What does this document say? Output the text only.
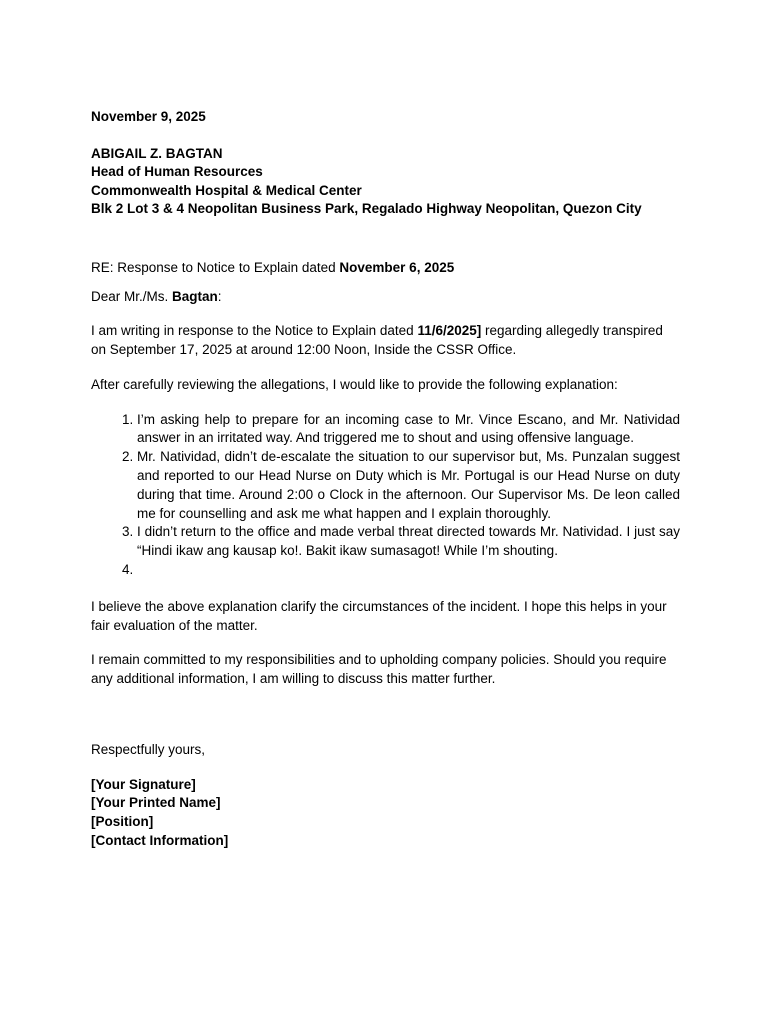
November 9, 2025
ABIGAIL Z. BAGTAN
Head of Human Resources
Commonwealth Hospital & Medical Center
Blk 2 Lot 3 & 4 Neopolitan Business Park, Regalado Highway Neopolitan, Quezon City
RE: Response to Notice to Explain dated November 6, 2025
Dear Mr./Ms. Bagtan:

I am writing in response to the Notice to Explain dated 11/6/2025] regarding allegedly transpired on September 17, 2025 at around 12:00 Noon, Inside the CSSR Office.

After carefully reviewing the allegations, I would like to provide the following explanation:

1. I’m asking help to prepare for an incoming case to Mr. Vince Escano, and Mr. Natividad answer in an irritated way. And triggered me to shout and using offensive language.
2. Mr. Natividad, didn’t de-escalate the situation to our supervisor but, Ms. Punzalan suggest and reported to our Head Nurse on Duty which is Mr. Portugal is our Head Nurse on duty during that time. Around 2:00 o Clock in the afternoon. Our Supervisor Ms. De leon called me for counselling and ask me what happen and I explain thoroughly.
3. I didn’t return to the office and made verbal threat directed towards Mr. Natividad. I just say “Hindi ikaw ang kausap ko!. Bakit ikaw sumasagot! While I’m shouting.
4.

I believe the above explanation clarify the circumstances of the incident. I hope this helps in your fair evaluation of the matter.

I remain committed to my responsibilities and to upholding company policies. Should you require any additional information, I am willing to discuss this matter further.

Respectfully yours,
[Your Signature]
[Your Printed Name]
[Position]
[Contact Information]
